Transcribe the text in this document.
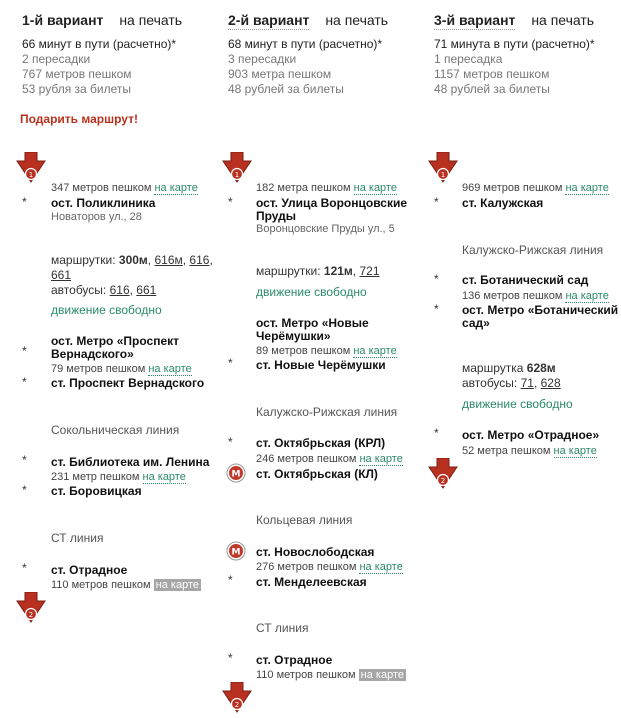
1-й вариант на печать
66 минут в пути (расчетно)*
2 пересадки
767 метров пешком
53 рубля за билеты
Подарить маршрут!
1
347 метров пешком на карте
* ост. Поликлиника
Новаторов ул., 28
маршрутки: 300м, 616м, 616,
661
автобусы: 616, 661
движение свободно
*
ост. Метро «Проспект Вернадского»
79 метров пешком на карте
* ст. Проспект Вернадского
Сокольническая линия
* ст. Библиотека им. Ленина
231 метр пешком на карте
* ст. Боровицкая
СТ линия
* ст. Отрадное
110 метров пешком на карте
2
2-й вариант на печать
68 минут в пути (расчетно)*
3 пересадки
903 метра пешком
48 рублей за билеты
1
182 метра пешком на карте
* ост. Улица Воронцовские Пруды
Воронцовские Пруды ул., 5
маршрутки: 121м, 721
движение свободно
ост. Метро «Новые Черёмушки»
89 метров пешком на карте
* ст. Новые Черёмушки
Калужско-Рижская линия
* ст. Октябрьская (КРЛ)
246 метров пешком на карте
М ст. Октябрьская (КЛ)
Кольцевая линия
М ст. Новослободская
276 метров пешком на карте
* ст. Менделеевская
СТ линия
* ст. Отрадное
110 метров пешком на карте
2
3-й вариант на печать
71 минута в пути (расчетно)*
1 пересадка
1157 метров пешком
48 рублей за билеты
1
969 метров пешком на карте
* ст. Калужская
Калужско-Рижская линия
* ст. Ботанический сад
136 метров пешком на карте
* ост. Метро «Ботанический сад»
маршрутка 628м
автобусы: 71, 628
движение свободно
* ост. Метро «Отрадное»
52 метра пешком на карте
2
